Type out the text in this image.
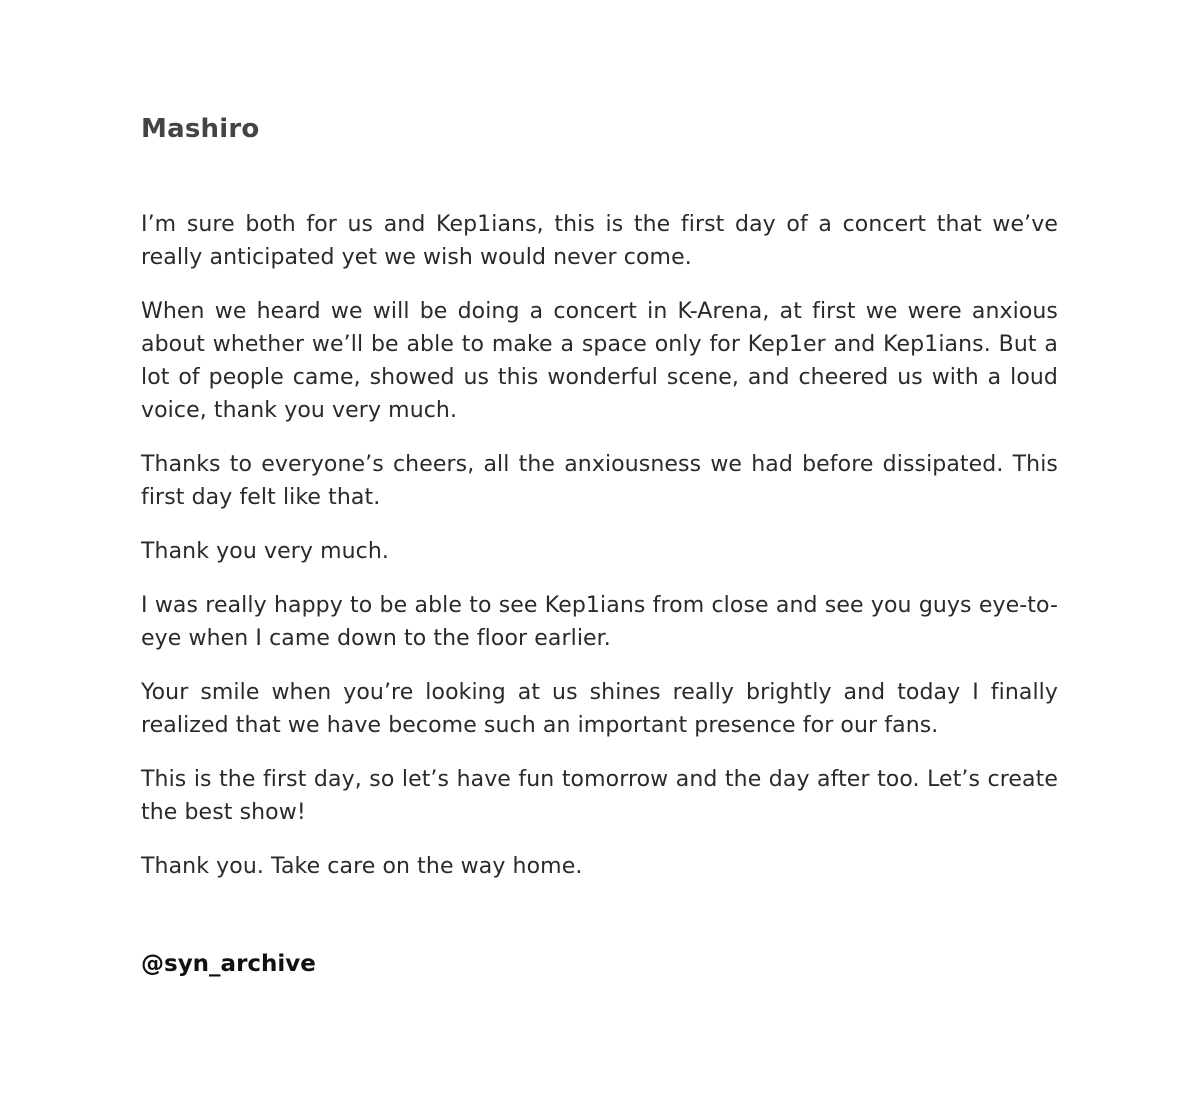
Mashiro

I’m sure both for us and Kep1ians, this is the first day of a concert that we’ve really anticipated yet we wish would never come.

When we heard we will be doing a concert in K-Arena, at first we were anxious about whether we’ll be able to make a space only for Kep1er and Kep1ians. But a lot of people came, showed us this wonderful scene, and cheered us with a loud voice, thank you very much.

Thanks to everyone’s cheers, all the anxiousness we had before dissipated. This first day felt like that.

Thank you very much.

I was really happy to be able to see Kep1ians from close and see you guys eye-to-eye when I came down to the floor earlier.

Your smile when you’re looking at us shines really brightly and today I finally realized that we have become such an important presence for our fans.

This is the first day, so let’s have fun tomorrow and the day after too. Let’s create the best show!

Thank you. Take care on the way home.

@syn_archive
